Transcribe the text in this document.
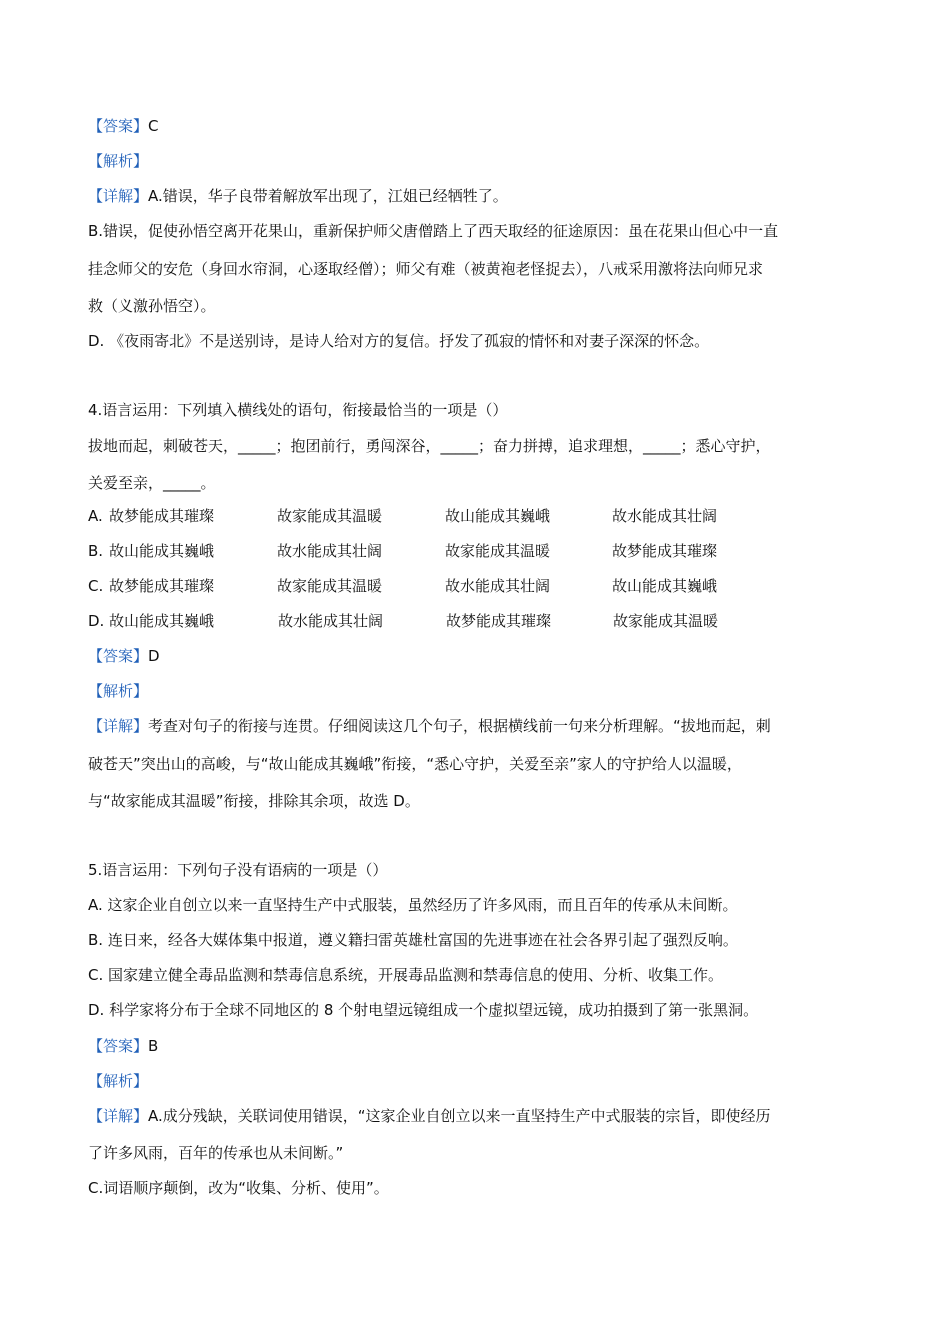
【答案】C
【解析】
【详解】A.错误，华子良带着解放军出现了，江姐已经牺牲了。
B.错误，促使孙悟空离开花果山，重新保护师父唐僧踏上了西天取经的征途原因：虽在花果山但心中一直
挂念师父的安危（身回水帘洞，心逐取经僧）；师父有难（被黄袍老怪捉去），八戒采用激将法向师兄求
救（义激孙悟空）。
D. 《夜雨寄北》不是送别诗，是诗人给对方的复信。抒发了孤寂的情怀和对妻子深深的怀念。
4.语言运用：下列填入横线处的语句，衔接最恰当的一项是（）
拔地而起，刺破苍天，_____；抱团前行，勇闯深谷，_____；奋力拼搏，追求理想，_____；悉心守护，
关爱至亲，_____。
A. 故梦能成其璀璨	故家能成其温暖	故山能成其巍峨	故水能成其壮阔
B. 故山能成其巍峨	故水能成其壮阔	故家能成其温暖	故梦能成其璀璨
C. 故梦能成其璀璨	故家能成其温暖	故水能成其壮阔	故山能成其巍峨
D. 故山能成其巍峨	故水能成其壮阔	故梦能成其璀璨	故家能成其温暖
【答案】D
【解析】
【详解】考查对句子的衔接与连贯。仔细阅读这几个句子，根据横线前一句来分析理解。“拔地而起，刺
破苍天”突出山的高峻，与“故山能成其巍峨”衔接，“悉心守护，关爱至亲”家人的守护给人以温暖，
与“故家能成其温暖”衔接，排除其余项，故选 D。
5.语言运用：下列句子没有语病的一项是（）
A. 这家企业自创立以来一直坚持生产中式服装，虽然经历了许多风雨，而且百年的传承从未间断。
B. 连日来，经各大媒体集中报道，遵义籍扫雷英雄杜富国的先进事迹在社会各界引起了强烈反响。
C. 国家建立健全毒品监测和禁毒信息系统，开展毒品监测和禁毒信息的使用、分析、收集工作。
D. 科学家将分布于全球不同地区的 8 个射电望远镜组成一个虚拟望远镜，成功拍摄到了第一张黑洞。
【答案】B
【解析】
【详解】A.成分残缺，关联词使用错误，“这家企业自创立以来一直坚持生产中式服装的宗旨，即使经历
了许多风雨，百年的传承也从未间断。”
C.词语顺序颠倒，改为“收集、分析、使用”。
